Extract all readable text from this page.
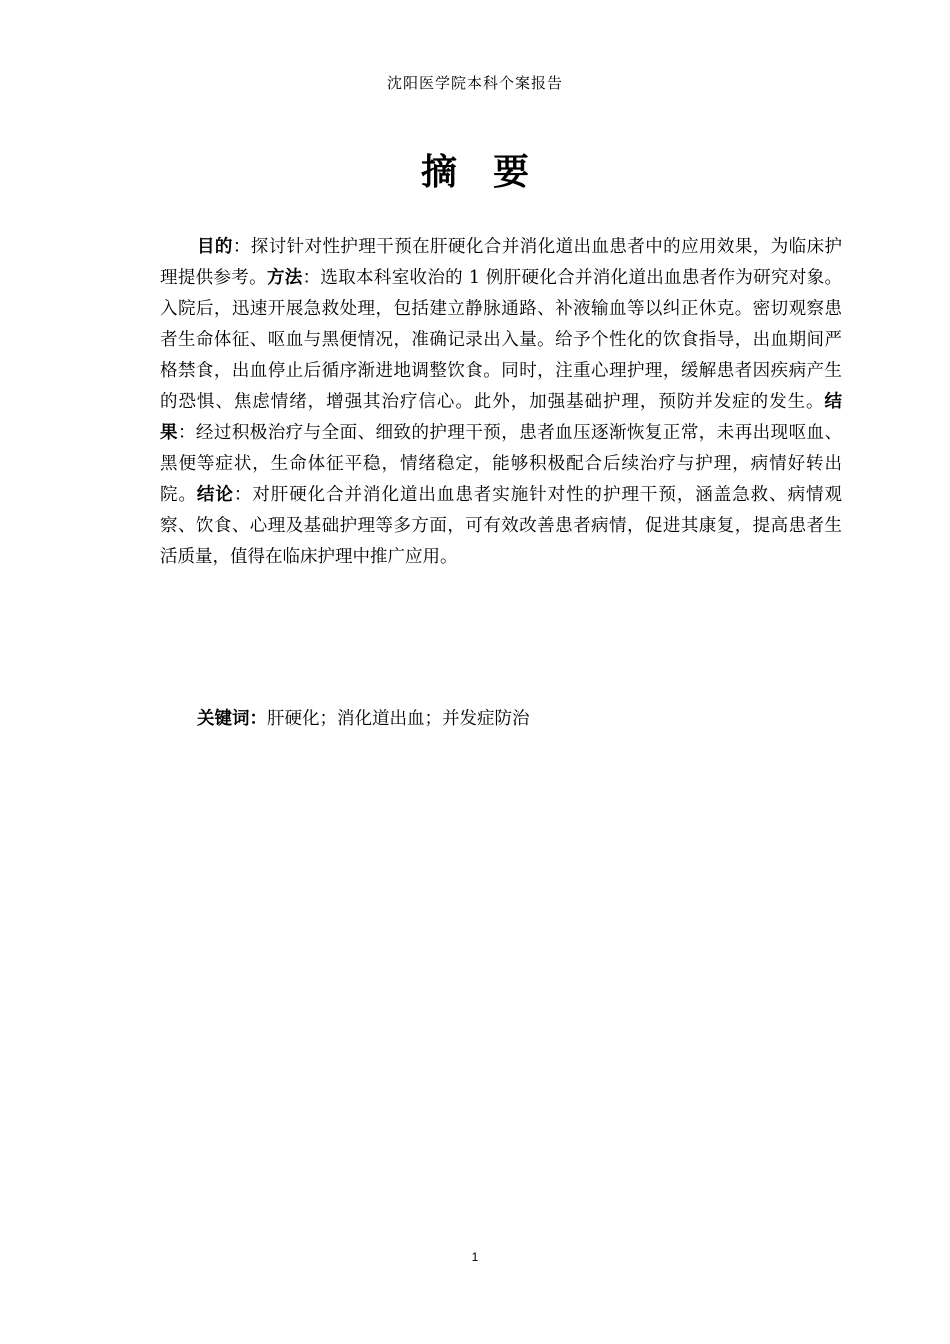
沈阳医学院本科个案报告
摘要
目的：探讨针对性护理干预在肝硬化合并消化道出血患者中的应用效果，为临床护理提供参考。方法：选取本科室收治的 1 例肝硬化合并消化道出血患者作为研究对象。入院后，迅速开展急救处理，包括建立静脉通路、补液输血等以纠正休克。密切观察患者生命体征、呕血与黑便情况，准确记录出入量。给予个性化的饮食指导，出血期间严格禁食，出血停止后循序渐进地调整饮食。同时，注重心理护理，缓解患者因疾病产生的恐惧、焦虑情绪，增强其治疗信心。此外，加强基础护理，预防并发症的发生。结果：经过积极治疗与全面、细致的护理干预，患者血压逐渐恢复正常，未再出现呕血、黑便等症状，生命体征平稳，情绪稳定，能够积极配合后续治疗与护理，病情好转出院。结论：对肝硬化合并消化道出血患者实施针对性的护理干预，涵盖急救、病情观察、饮食、心理及基础护理等多方面，可有效改善患者病情，促进其康复，提高患者生活质量，值得在临床护理中推广应用。
关键词：肝硬化；消化道出血；并发症防治
1
